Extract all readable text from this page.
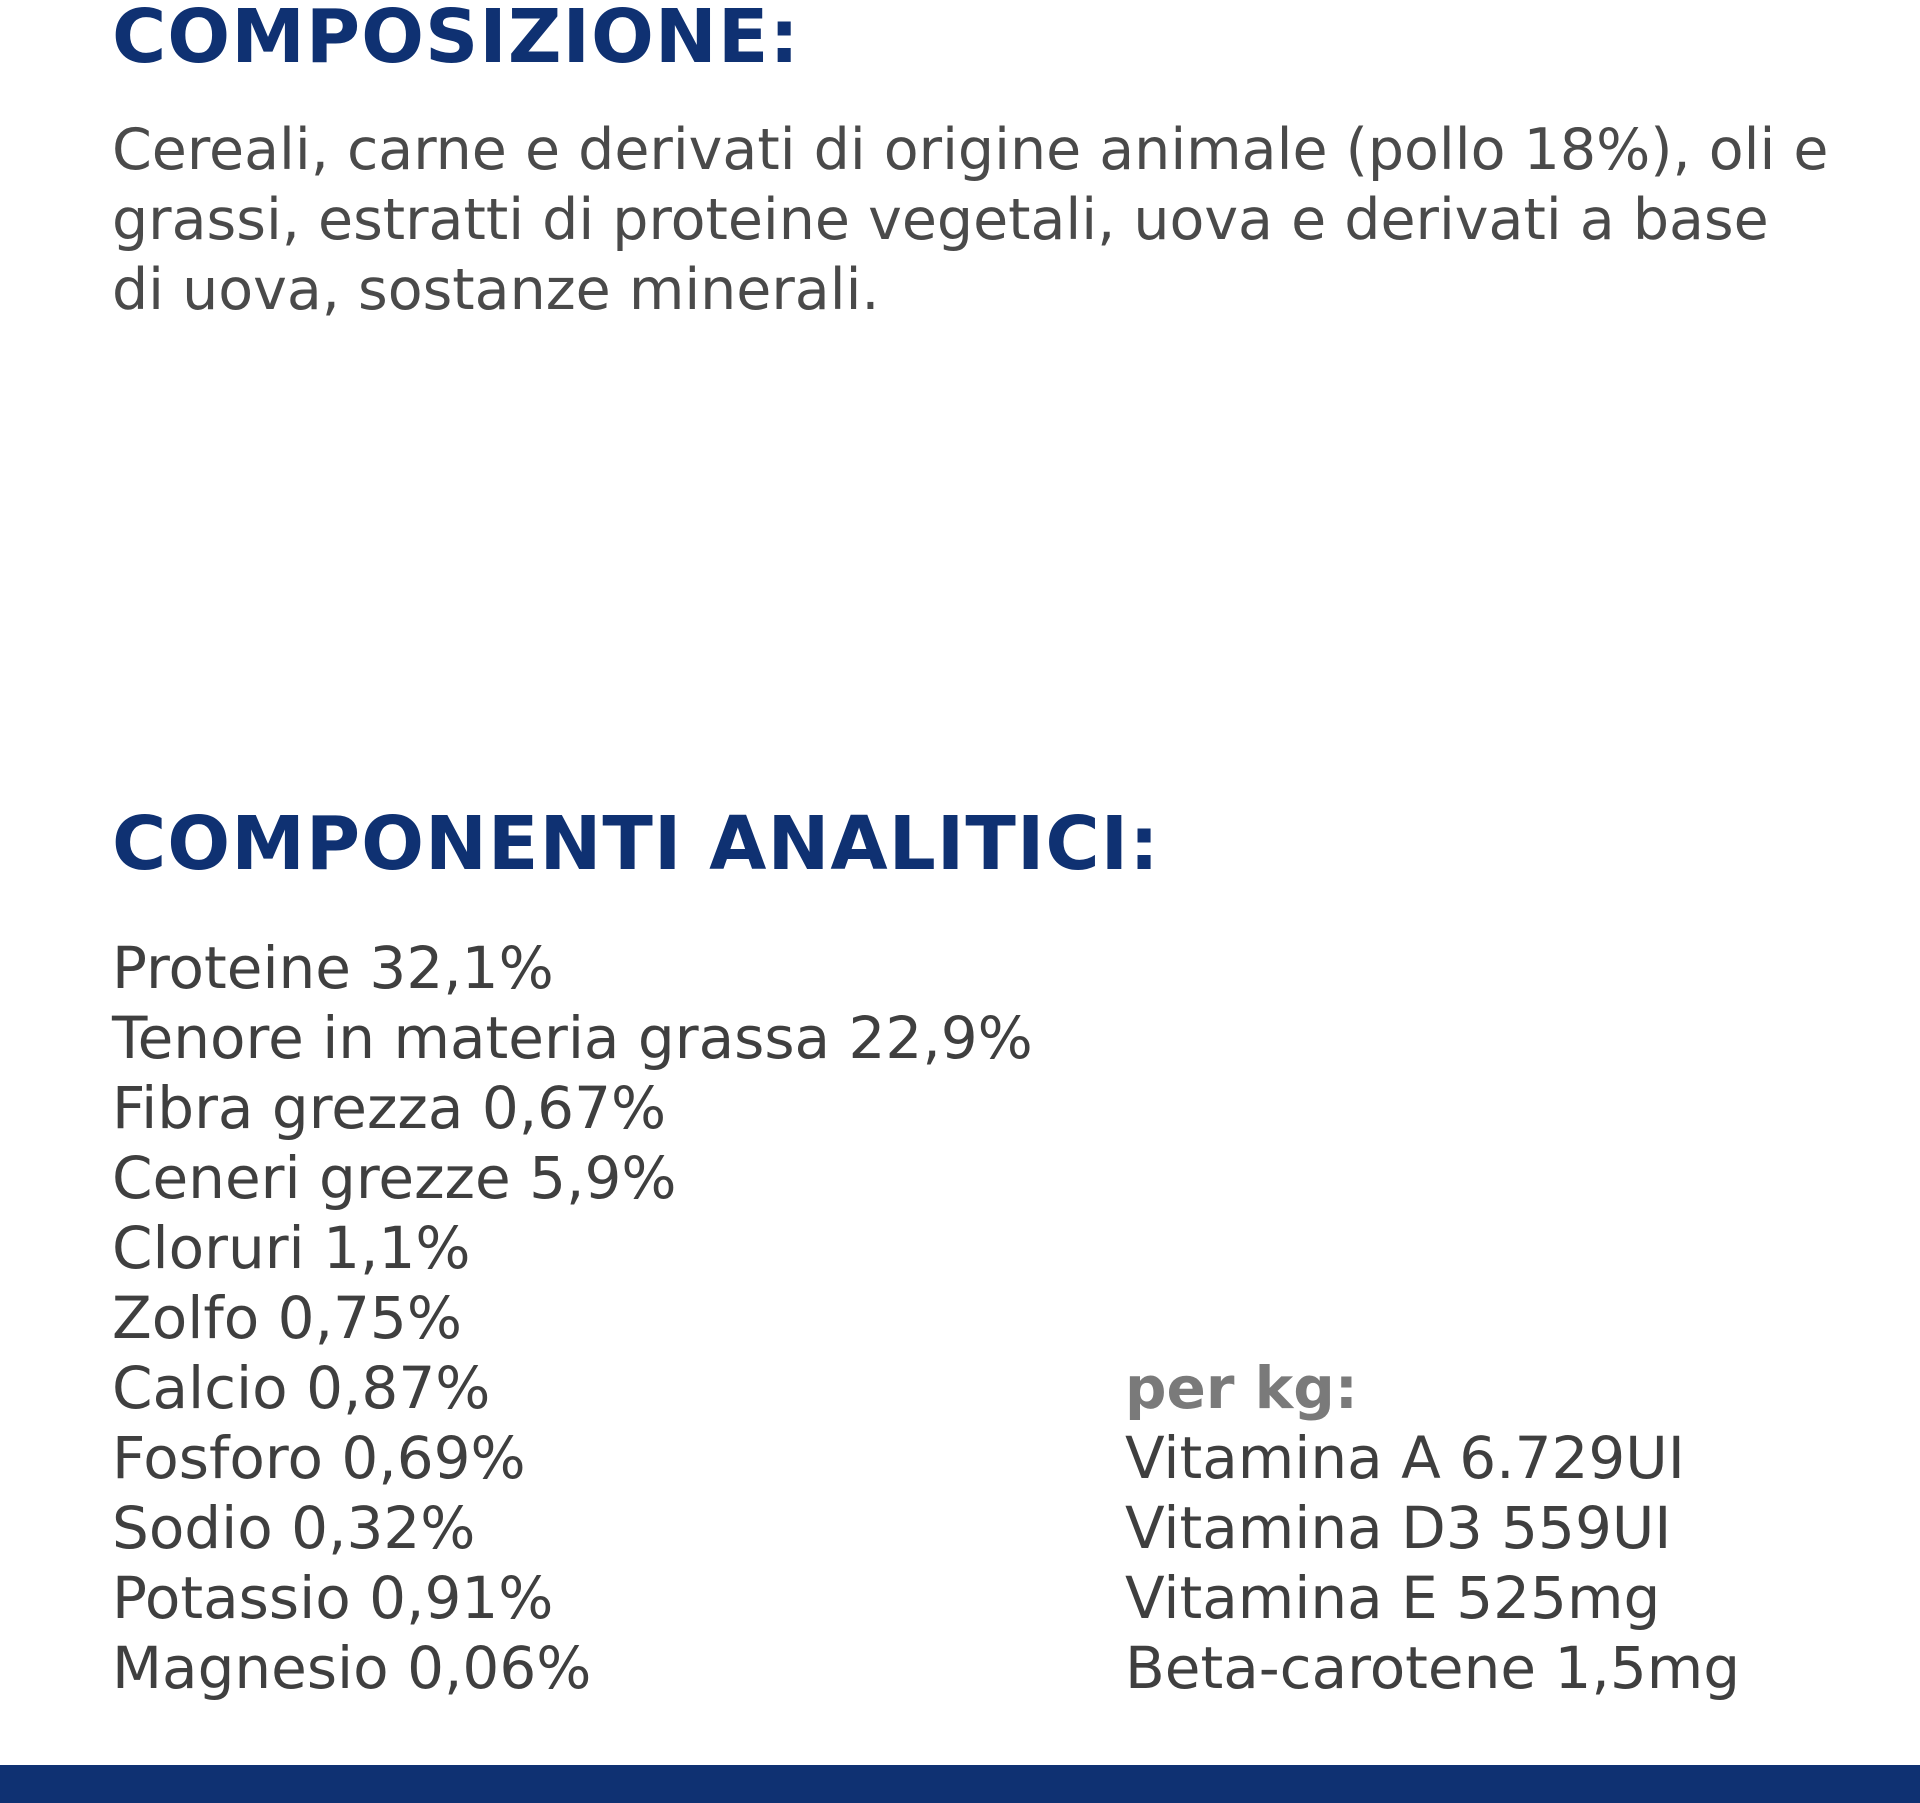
COMPOSIZIONE:

Cereali, carne e derivati di origine animale (pollo 18%), oli e grassi, estratti di proteine vegetali, uova e derivati a base di uova, sostanze minerali.

COMPONENTI ANALITICI:
Proteine 32,1%
Tenore in materia grassa 22,9%
Fibra grezza 0,67%
Ceneri grezze 5,9%
Cloruri 1,1%
Zolfo 0,75%
Calcio 0,87%
Fosforo 0,69%
Sodio 0,32%
Potassio 0,91%
Magnesio 0,06%

per kg:

Vitamina A 6.729UI
Vitamina D3 559UI
Vitamina E 525mg
Beta-carotene 1,5mg
